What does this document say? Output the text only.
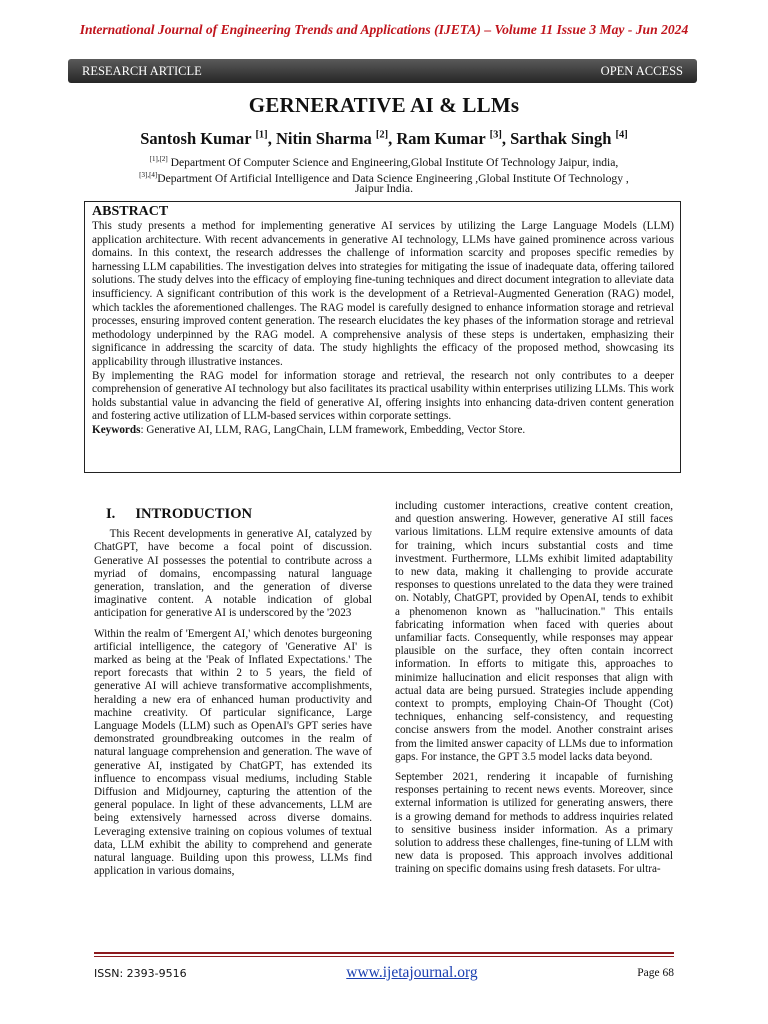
International Journal of Engineering Trends and Applications (IJETA) – Volume 11 Issue 3 May - Jun 2024
RESEARCH ARTICLE	OPEN ACCESS
GERNERATIVE AI & LLMs
Santosh Kumar [1], Nitin Sharma [2], Ram Kumar [3], Sarthak Singh [4]
[1],[2] Department Of Computer Science and Engineering,Global Institute Of Technology Jaipur, india,
[3],[4]Department Of Artificial Intelligence and Data Science Engineering ,Global Institute Of Technology ,
Jaipur India.
ABSTRACT

This study presents a method for implementing generative AI services by utilizing the Large Language Models (LLM) application architecture. With recent advancements in generative AI technology, LLMs have gained prominence across various domains. In this context, the research addresses the challenge of information scarcity and proposes specific remedies by harnessing LLM capabilities. The investigation delves into strategies for mitigating the issue of inadequate data, offering tailored solutions. The study delves into the efficacy of employing fine-tuning techniques and direct document integration to alleviate data insufficiency. A significant contribution of this work is the development of a Retrieval-Augmented Generation (RAG) model, which tackles the aforementioned challenges. The RAG model is carefully designed to enhance information storage and retrieval processes, ensuring improved content generation. The research elucidates the key phases of the information storage and retrieval methodology underpinned by the RAG model. A comprehensive analysis of these steps is undertaken, emphasizing their significance in addressing the scarcity of data. The study highlights the efficacy of the proposed method, showcasing its applicability through illustrative instances.

By implementing the RAG model for information storage and retrieval, the research not only contributes to a deeper comprehension of generative AI technology but also facilitates its practical usability within enterprises utilizing LLMs. This work holds substantial value in advancing the field of generative AI, offering insights into enhancing data-driven content generation and fostering active utilization of LLM-based services within corporate settings.

Keywords: Generative AI, LLM, RAG, LangChain, LLM framework, Embedding, Vector Store.

I. INTRODUCTION

This Recent developments in generative AI, catalyzed by ChatGPT, have become a focal point of discussion. Generative AI possesses the potential to contribute across a myriad of domains, encompassing natural language generation, translation, and the generation of diverse imaginative content. A notable indication of global anticipation for generative AI is underscored by the '2023

Within the realm of 'Emergent AI,' which denotes burgeoning artificial intelligence, the category of 'Generative AI' is marked as being at the 'Peak of Inflated Expectations.' The report forecasts that within 2 to 5 years, the field of generative AI will achieve transformative accomplishments, heralding a new era of enhanced human productivity and machine creativity. Of particular significance, Large Language Models (LLM) such as OpenAI's GPT series have demonstrated groundbreaking outcomes in the realm of natural language comprehension and generation. The wave of generative AI, instigated by ChatGPT, has extended its influence to encompass visual mediums, including Stable Diffusion and Midjourney, capturing the attention of the general populace. In light of these advancements, LLM are being extensively harnessed across diverse domains. Leveraging extensive training on copious volumes of textual data, LLM exhibit the ability to comprehend and generate natural language. Building upon this prowess, LLMs find application in various domains,

including customer interactions, creative content creation, and question answering. However, generative AI still faces various limitations. LLM require extensive amounts of data for training, which incurs substantial costs and time investment. Furthermore, LLMs exhibit limited adaptability to new data, making it challenging to provide accurate responses to questions unrelated to the data they were trained on. Notably, ChatGPT, provided by OpenAI, tends to exhibit a phenomenon known as "hallucination." This entails fabricating information when faced with queries about unfamiliar facts. Consequently, while responses may appear plausible on the surface, they often contain incorrect information. In efforts to mitigate this, approaches to minimize hallucination and elicit responses that align with actual data are being pursued. Strategies include appending context to prompts, employing Chain-Of Thought (Cot) techniques, enhancing self-consistency, and requesting concise answers from the model. Another constraint arises from the limited answer capacity of LLMs due to information gaps. For instance, the GPT 3.5 model lacks data beyond.

September 2021, rendering it incapable of furnishing responses pertaining to recent news events. Moreover, since external information is utilized for generating answers, there is a growing demand for methods to address inquiries related to sensitive business insider information. As a primary solution to address these challenges, fine-tuning of LLM with new data is proposed. This approach involves additional training on specific domains using fresh datasets. For ultra-

ISSN: 2393-9516	www.ijetajournal.org	Page 68
